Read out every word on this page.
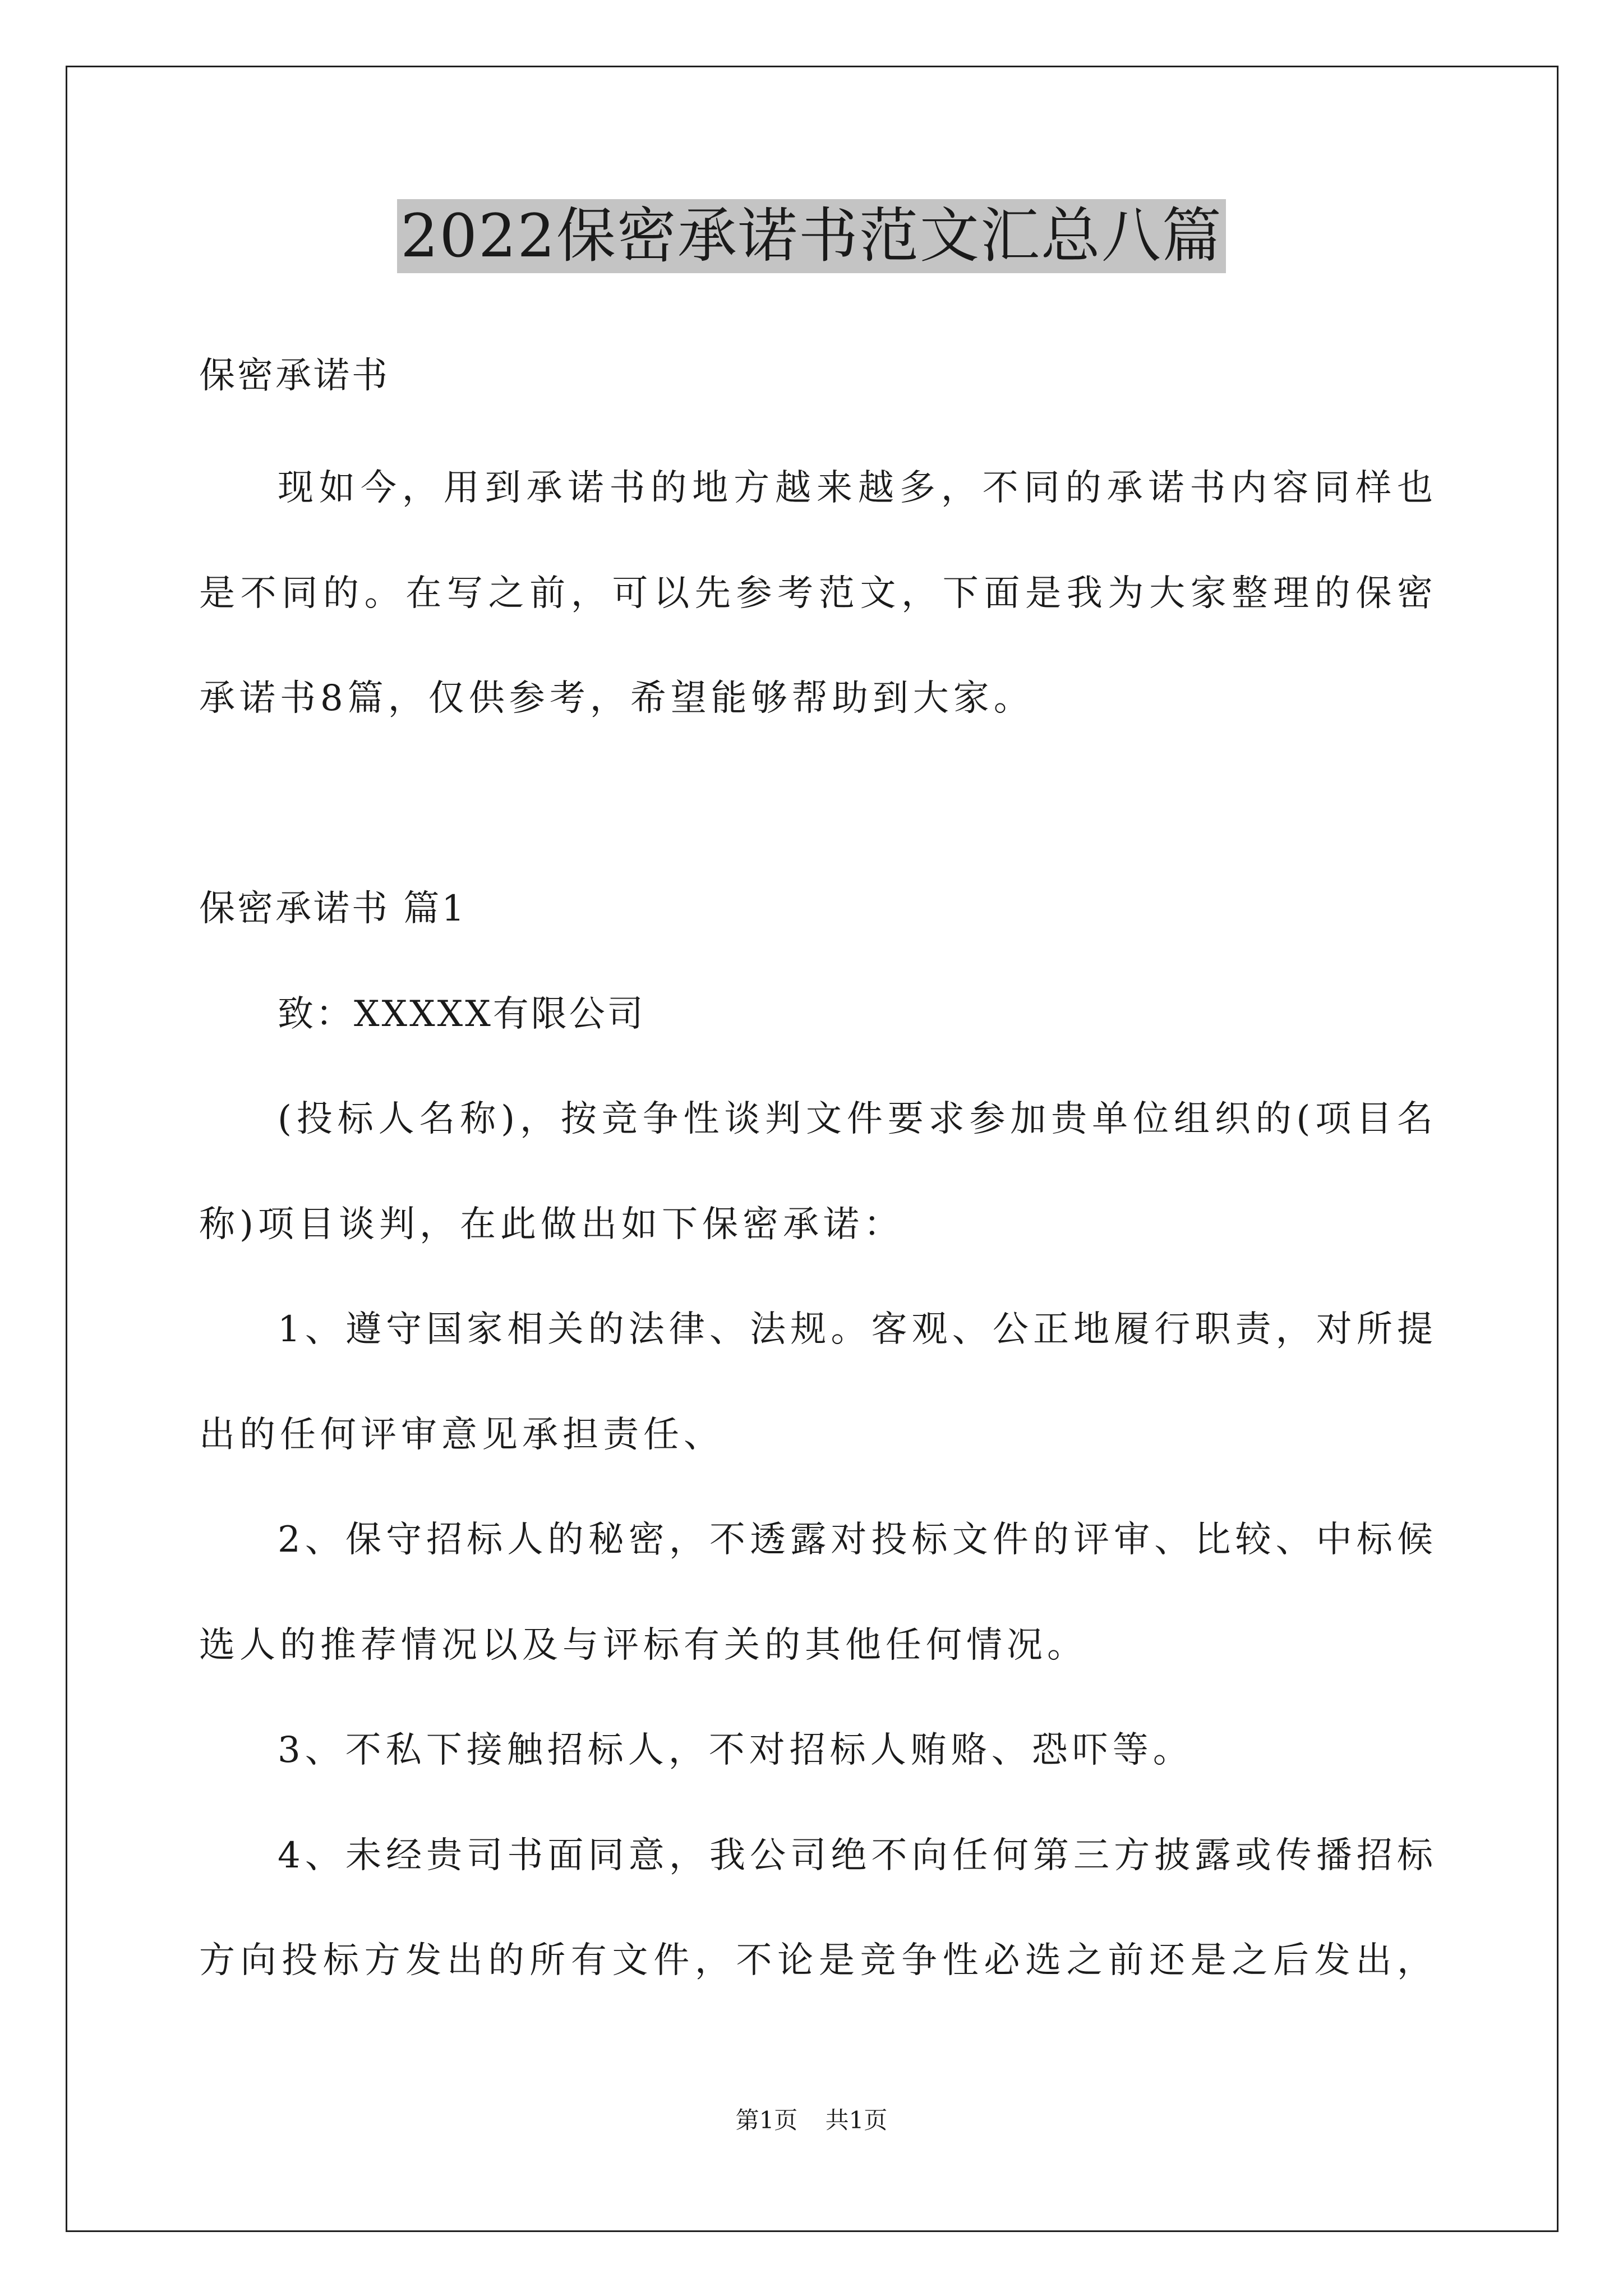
2022保密承诺书范文汇总八篇
保密承诺书
现如今，用到承诺书的地方越来越多，不同的承诺书内容同样也
是不同的。在写之前，可以先参考范文，下面是我为大家整理的保密
承诺书8篇，仅供参考，希望能够帮助到大家。
保密承诺书 篇1
致：XXXXX有限公司
(投标人名称)，按竞争性谈判文件要求参加贵单位组织的(项目名
称)项目谈判，在此做出如下保密承诺：
1、遵守国家相关的法律、法规。客观、公正地履行职责，对所提
出的任何评审意见承担责任、
2、保守招标人的秘密，不透露对投标文件的评审、比较、中标候
选人的推荐情况以及与评标有关的其他任何情况。
3、不私下接触招标人，不对招标人贿赂、恐吓等。
4、未经贵司书面同意，我公司绝不向任何第三方披露或传播招标
方向投标方发出的所有文件，不论是竞争性必选之前还是之后发出，
第1页 共1页
